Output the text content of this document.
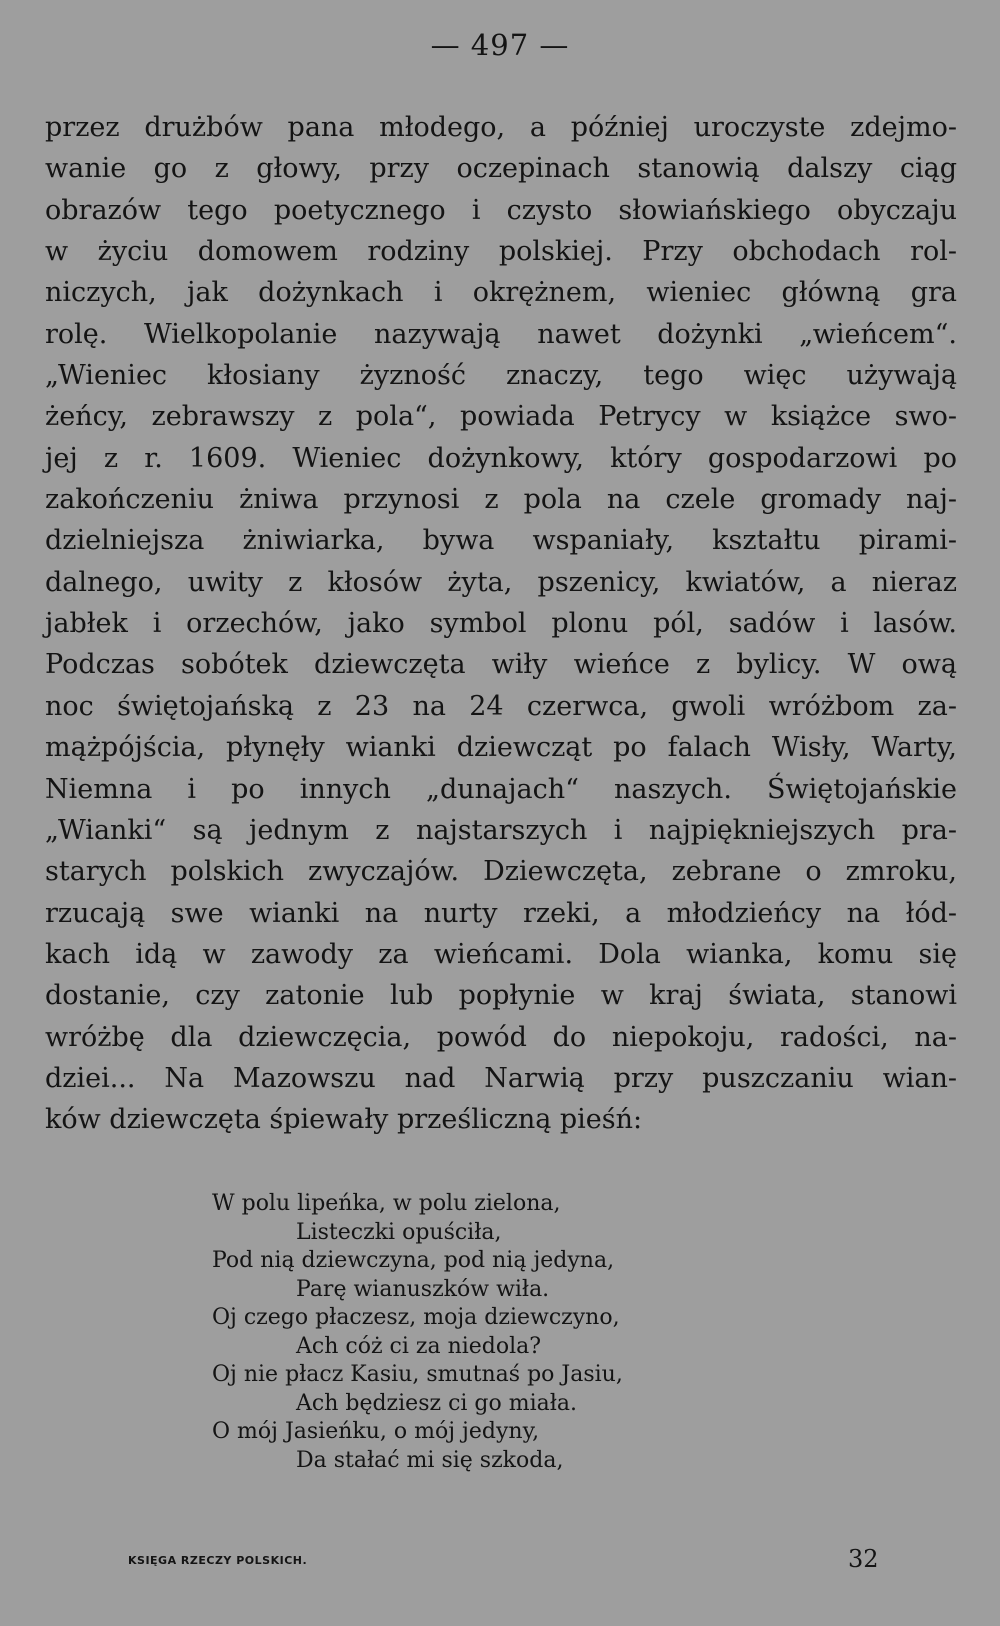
— 497 —
przez drużbów pana młodego, a później uroczyste zdejmo-
wanie go z głowy, przy oczepinach stanowią dalszy ciąg
obrazów tego poetycznego i czysto słowiańskiego obyczaju
w życiu domowem rodziny polskiej. Przy obchodach rol-
niczych, jak dożynkach i okrężnem, wieniec główną gra
rolę. Wielkopolanie nazywają nawet dożynki „wieńcem“.
„Wieniec kłosiany żyzność znaczy, tego więc używają
żeńcy, zebrawszy z pola“, powiada Petrycy w książce swo-
jej z r. 1609. Wieniec dożynkowy, który gospodarzowi po
zakończeniu żniwa przynosi z pola na czele gromady naj-
dzielniejsza żniwiarka, bywa wspaniały, kształtu pirami-
dalnego, uwity z kłosów żyta, pszenicy, kwiatów, a nieraz
jabłek i orzechów, jako symbol plonu pól, sadów i lasów.
Podczas sobótek dziewczęta wiły wieńce z bylicy. W ową
noc świętojańską z 23 na 24 czerwca, gwoli wróżbom za-
mążpójścia, płynęły wianki dziewcząt po falach Wisły, Warty,
Niemna i po innych „dunajach“ naszych. Świętojańskie
„Wianki“ są jednym z najstarszych i najpiękniejszych pra-
starych polskich zwyczajów. Dziewczęta, zebrane o zmroku,
rzucają swe wianki na nurty rzeki, a młodzieńcy na łód-
kach idą w zawody za wieńcami. Dola wianka, komu się
dostanie, czy zatonie lub popłynie w kraj świata, stanowi
wróżbę dla dziewczęcia, powód do niepokoju, radości, na-
dziei... Na Mazowszu nad Narwią przy puszczaniu wian-
ków dziewczęta śpiewały prześliczną pieśń:
W polu lipeńka, w polu zielona,
Listeczki opuściła,
Pod nią dziewczyna, pod nią jedyna,
Parę wianuszków wiła.
Oj czego płaczesz, moja dziewczyno,
Ach cóż ci za niedola?
Oj nie płacz Kasiu, smutnaś po Jasiu,
Ach będziesz ci go miała.
O mój Jasieńku, o mój jedyny,
Da stałać mi się szkoda,
KSIĘGA RZECZY POLSKICH.	32
